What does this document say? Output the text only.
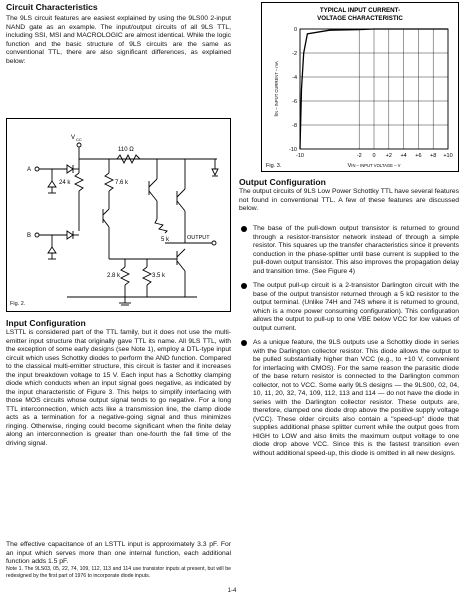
Circuit Characteristics

The 9LS circuit features are easiest explained by using the 9LS00 2-input NAND gate as an example. The input/output circuits of all 9LS TTL, including SSI, MSI and MACROLOGIC are almost identical. While the logic function and the basic structure of 9LS circuits are the same as conventional TTL, there are also significant differences, as explained below:

V CC
110 Ω
24 k	7.6 k
5 k
2.8 k	3.5 k
A
B	OUTPUT
Fig. 2.
Input Configuration

LSTTL is considered part of the TTL family, but it does not use the multi-emitter input structure that originally gave TTL its name. All 9LS TTL, with the exception of some early designs (see Note 1), employ a DTL-type input circuit which uses Schottky diodes to perform the AND function. Compared to the classical multi-emitter structure, this circuit is faster and it increases the input breakdown voltage to 15 V. Each input has a Schottky clamping diode which conducts when an input signal goes negative, as indicated by the input characteristic of Figure 3. This helps to simplify interfacing with those MOS circuits whose output signal tends to go negative. For a long TTL interconnection, which acts like a transmission line, the clamp diode acts as a termination for a negative-going signal and thus minimizes ringing. Otherwise, ringing could become significant when the finite delay along an interconnection is greater than one-fourth the fall time of the driving signal.

The effective capacitance of an LSTTL input is approximately 3.3 pF. For an input which serves more than one internal function, each additional function adds 1.5 pF.

Note 1. The 9LS03, 05, 22, 74, 109, 112, 113 and 114 use transistor inputs at present, but will be redesigned by the first part of 1976 to incorporate diode inputs.

TYPICAL INPUT CURRENT-
VOLTAGE CHARACTERISTIC
-10	-2 0 +2 +4 +6 +8 +10
0
-2
-4
-6
-8
-10
VIN – INPUT VOLTAGE – V
IIN – INPUT CURRENT – mA
Fig. 3.
Output Configuration

The output circuits of 9LS Low Power Schottky TTL have several features not found in conventional TTL. A few of these features are discussed below.

The base of the pull-down output transistor is returned to ground through a resistor-transistor network instead of through a simple resistor. This squares up the transfer characteristics since it prevents conduction in the phase-splitter until base current is supplied to the pull-down output transistor. This also improves the propagation delay and transition time. (See Figure 4)

The output pull-up circuit is a 2-transistor Darlington circuit with the base of the output transistor returned through a 5 kΩ resistor to the output terminal. (Unlike 74H and 74S where it is returned to ground, which is a more power consuming configuration). This configuration allows the output to pull-up to one VBE below VCC for low values of output current.

As a unique feature, the 9LS outputs use a Schottky diode in series with the Darlington collector resistor. This diode allows the output to be pulled substantially higher than VCC (e.g., to +10 V, convenient for interfacing with CMOS). For the same reason the parasitic diode of the base return resistor is connected to the Darlington common collector, not to VCC. Some early 9LS designs — the 9LS00, 02, 04, 10, 11, 20, 32, 74, 109, 112, 113 and 114 — do not have the diode in series with the Darlington collector resistor. These outputs are, therefore, clamped one diode drop above the positive supply voltage (VCC). These older circuits also contain a "speed-up" diode that supplies additional phase splitter current while the output goes from HIGH to LOW and also limits the maximum output voltage to one diode drop above VCC. Since this is the fastest transition even without additional speed-up, this diode is omitted in all new designs.

1-4
